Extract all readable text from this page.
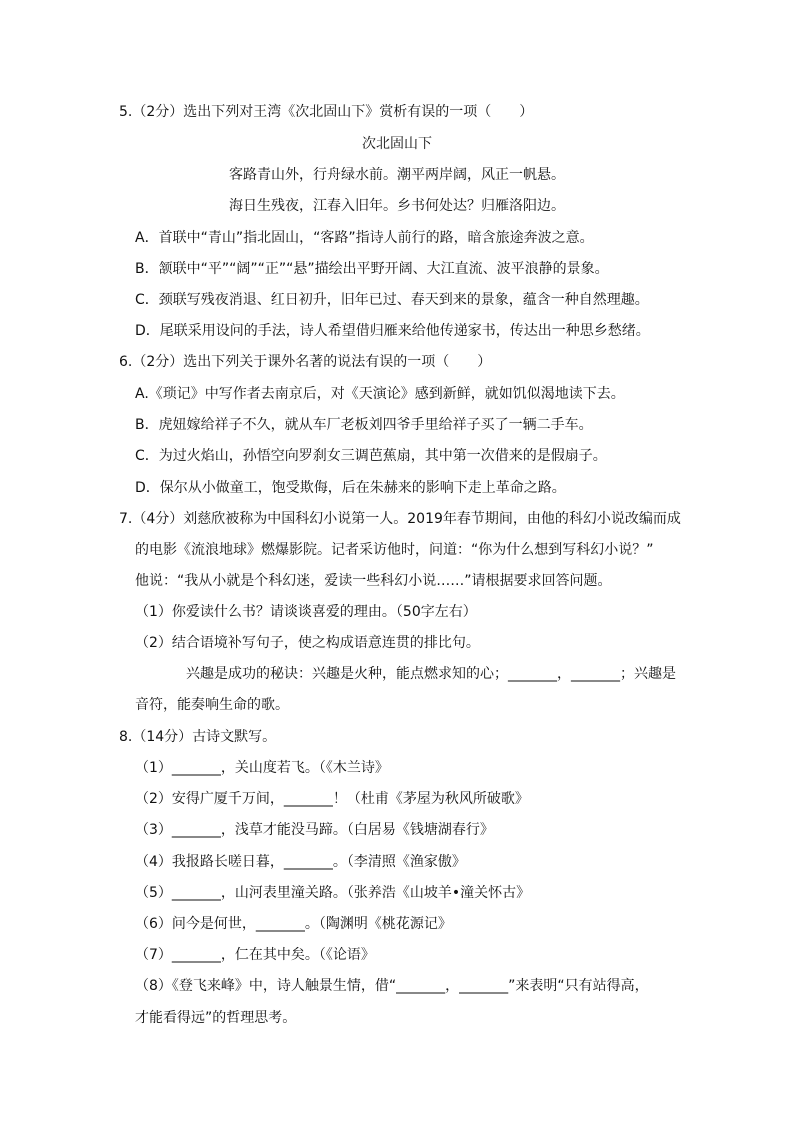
5.（2分）选出下列对王湾《次北固山下》赏析有误的一项（　　）
次北固山下
客路青山外，行舟绿水前。潮平两岸阔，风正一帆悬。
海日生残夜，江春入旧年。乡书何处达？归雁洛阳边。
A．首联中“青山”指北固山，“客路”指诗人前行的路，暗含旅途奔波之意。
B．颔联中“平”“阔”“正”“悬”描绘出平野开阔、大江直流、波平浪静的景象。
C．颈联写残夜消退、红日初升，旧年已过、春天到来的景象，蕴含一种自然理趣。
D．尾联采用设问的手法，诗人希望借归雁来给他传递家书，传达出一种思乡愁绪。
6.（2分）选出下列关于课外名著的说法有误的一项（　　）
A.《琐记》中写作者去南京后，对《天演论》感到新鲜，就如饥似渴地读下去。
B．虎妞嫁给祥子不久，就从车厂老板刘四爷手里给祥子买了一辆二手车。
C．为过火焰山，孙悟空向罗刹女三调芭蕉扇，其中第一次借来的是假扇子。
D．保尔从小做童工，饱受欺侮，后在朱赫来的影响下走上革命之路。
7.（4分）刘慈欣被称为中国科幻小说第一人。2019年春节期间，由他的科幻小说改编而成
的电影《流浪地球》燃爆影院。记者采访他时，问道：“你为什么想到写科幻小说？”
他说：“我从小就是个科幻迷，爱读一些科幻小说……”请根据要求回答问题。
（1）你爱读什么书？请谈谈喜爱的理由。（50字左右）
（2）结合语境补写句子，使之构成语意连贯的排比句。
兴趣是成功的秘诀：兴趣是火种，能点燃求知的心；_______，_______；兴趣是
音符，能奏响生命的歌。
8.（14分）古诗文默写。
（1）_______，关山度若飞。（《木兰诗》
（2）安得广厦千万间，_______！（杜甫《茅屋为秋风所破歌》
（3）_______，浅草才能没马蹄。（白居易《钱塘湖春行》
（4）我报路长嗟日暮，_______。（李清照《渔家傲》
（5）_______，山河表里潼关路。（张养浩《山坡羊•潼关怀古》
（6）问今是何世，_______。（陶渊明《桃花源记》
（7）_______，仁在其中矣。（《论语》
（8）《登飞来峰》中，诗人触景生情，借“_______，_______”来表明“只有站得高，
才能看得远”的哲理思考。
